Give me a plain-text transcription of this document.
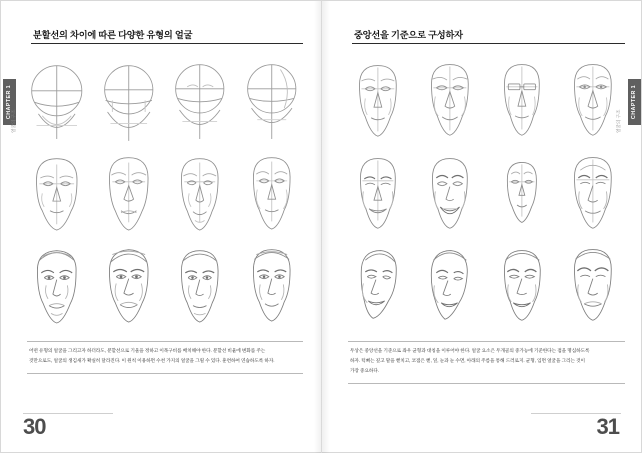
CHAPTER 1
얼굴의 구조
분할선의 차이에 따른 다양한 유형의 얼굴

어떤 유형의 얼굴을 그리고자 하더라도, 분할선으로 기울을 정하고 이목구비를 배치해야 한다. 분할선 비율에 변화를 주는

것만으로도, 얼굴의 생김새가 확실히 달라진다. 이 원칙 이용하면 수천 가지의 얼굴을 그릴 수 있다. 훈련하여 연습하도록 하자.

30
CHAPTER 1
얼굴의 구조
중앙선을 기준으로 구성하자

두상은 중앙선을 기준으로 좌우 균형과 대칭을 이루어야 한다. 얼굴 요소은 두개골의 중가능에 기준한다는 점을 명심하도록

하자. 턱뼈는 깊고 말을 뻗치고, 코점은 뻗, 잎, 눈과 눈 수면, 아래의 주름을 통해 드러로지. 균형, 입면 얼굴을 그리는 것이

가장 중요하다.

31
